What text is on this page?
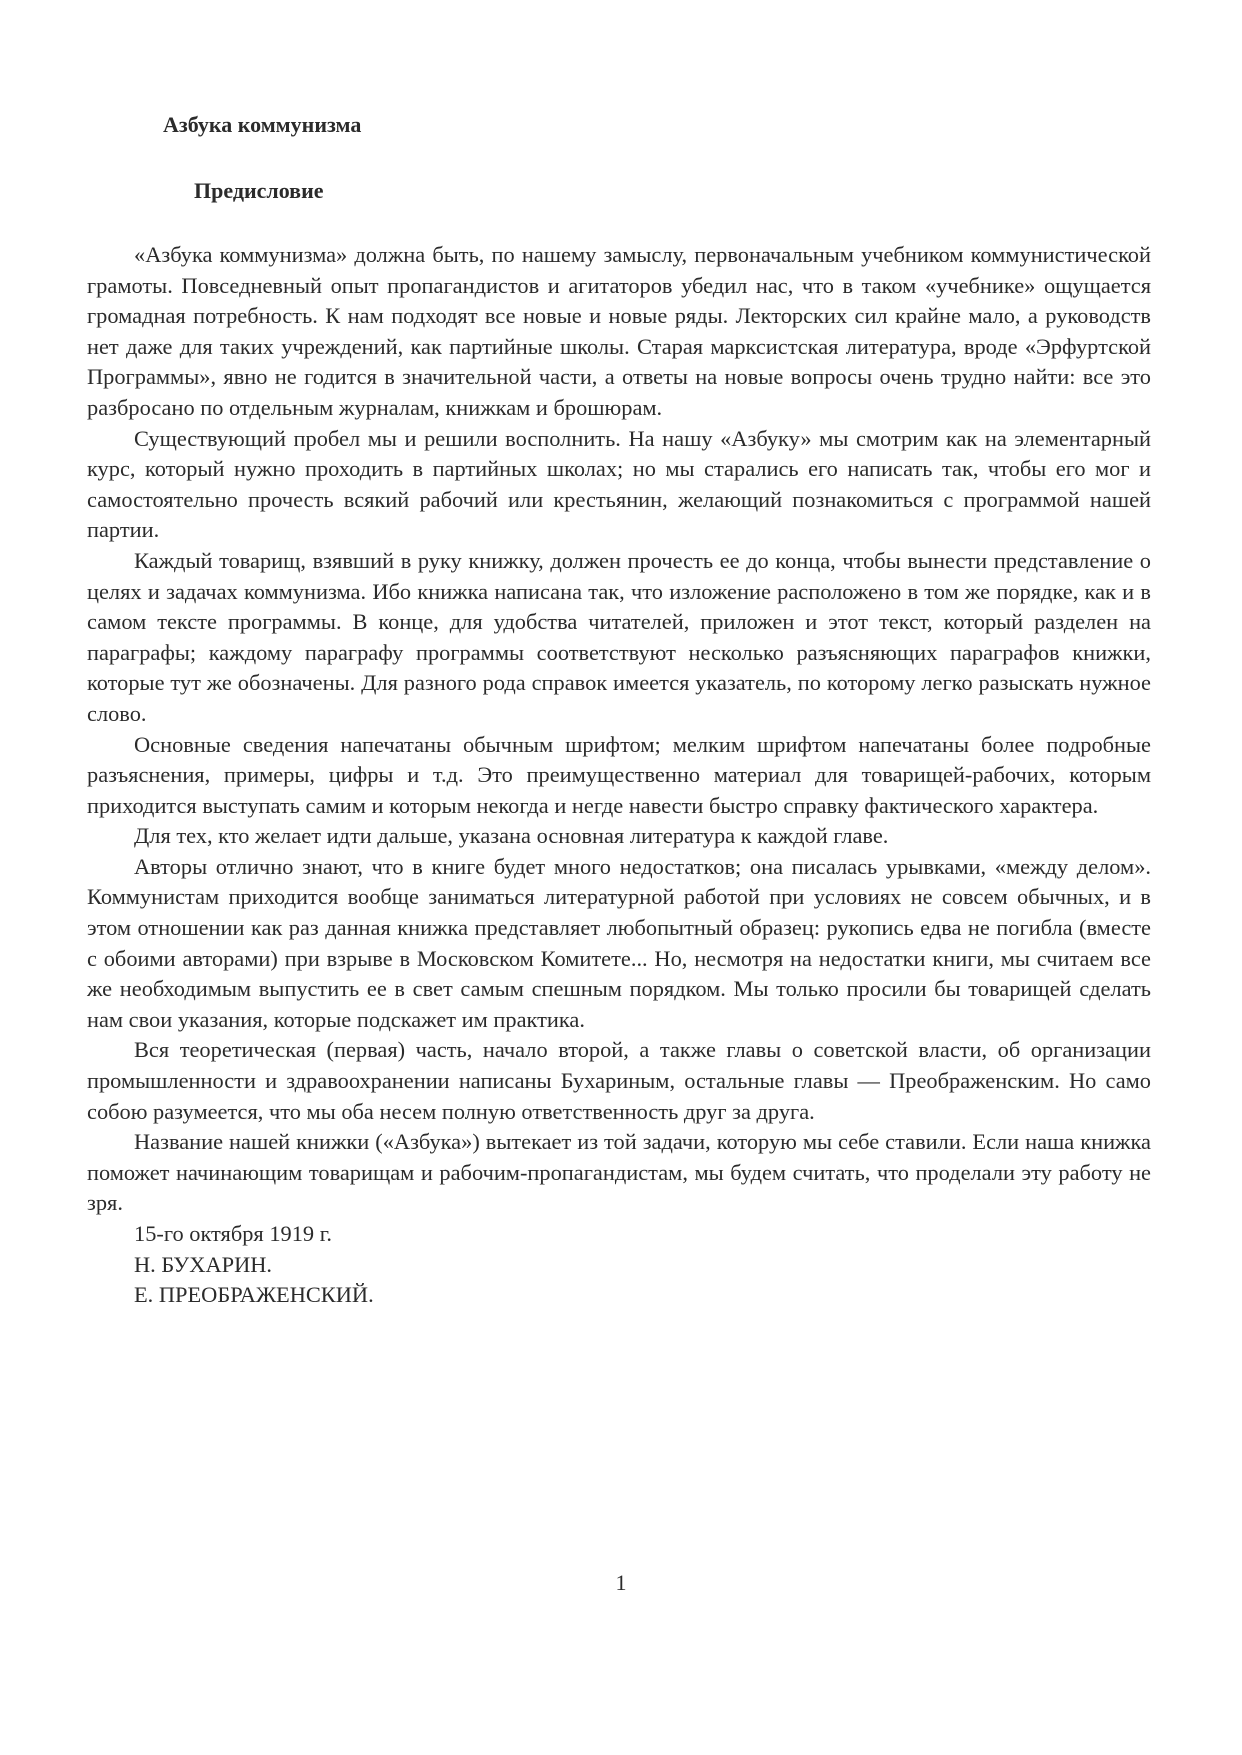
Азбука коммунизма
Предисловие

«Азбука коммунизма» должна быть, по нашему замыслу, первоначальным учебником коммунистической грамоты. Повседневный опыт пропагандистов и агитаторов убедил нас, что в таком «учебнике» ощущается громадная потребность. К нам подходят все новые и новые ряды. Лекторских сил крайне мало, а руководств нет даже для таких учреждений, как партийные школы. Старая марксистская литература, вроде «Эрфуртской Программы», явно не годится в значительной части, а ответы на новые вопросы очень трудно найти: все это разбросано по отдельным журналам, книжкам и брошюрам.

Существующий пробел мы и решили восполнить. На нашу «Азбуку» мы смотрим как на элементарный курс, который нужно проходить в партийных школах; но мы старались его написать так, чтобы его мог и самостоятельно прочесть всякий рабочий или крестьянин, желающий познакомиться с программой нашей партии.

Каждый товарищ, взявший в руку книжку, должен прочесть ее до конца, чтобы вынести представление о целях и задачах коммунизма. Ибо книжка написана так, что изложение расположено в том же порядке, как и в самом тексте программы. В конце, для удобства читателей, приложен и этот текст, который разделен на параграфы; каждому параграфу программы соответствуют несколько разъясняющих параграфов книжки, которые тут же обозначены. Для разного рода справок имеется указатель, по которому легко разыскать нужное слово.

Основные сведения напечатаны обычным шрифтом; мелким шрифтом напечатаны более подробные разъяснения, примеры, цифры и т.д. Это преимущественно материал для товарищей-рабочих, которым приходится выступать самим и которым некогда и негде навести быстро справку фактического характера.

Для тех, кто желает идти дальше, указана основная литература к каждой главе.

Авторы отлично знают, что в книге будет много недостатков; она писалась урывками, «между делом». Коммунистам приходится вообще заниматься литературной работой при условиях не совсем обычных, и в этом отношении как раз данная книжка представляет любопытный образец: рукопись едва не погибла (вместе с обоими авторами) при взрыве в Московском Комитете... Но, несмотря на недостатки книги, мы считаем все же необходимым выпустить ее в свет самым спешным порядком. Мы только просили бы товарищей сделать нам свои указания, которые подскажет им практика.

Вся теоретическая (первая) часть, начало второй, а также главы о советской власти, об организации промышленности и здравоохранении написаны Бухариным, остальные главы — Преображенским. Но само собою разумеется, что мы оба несем полную ответственность друг за друга.

Название нашей книжки («Азбука») вытекает из той задачи, которую мы себе ставили. Если наша книжка поможет начинающим товарищам и рабочим-пропагандистам, мы будем считать, что проделали эту работу не зря.

15-го октября 1919 г.

Н. БУХАРИН.

Е. ПРЕОБРАЖЕНСКИЙ.

1
